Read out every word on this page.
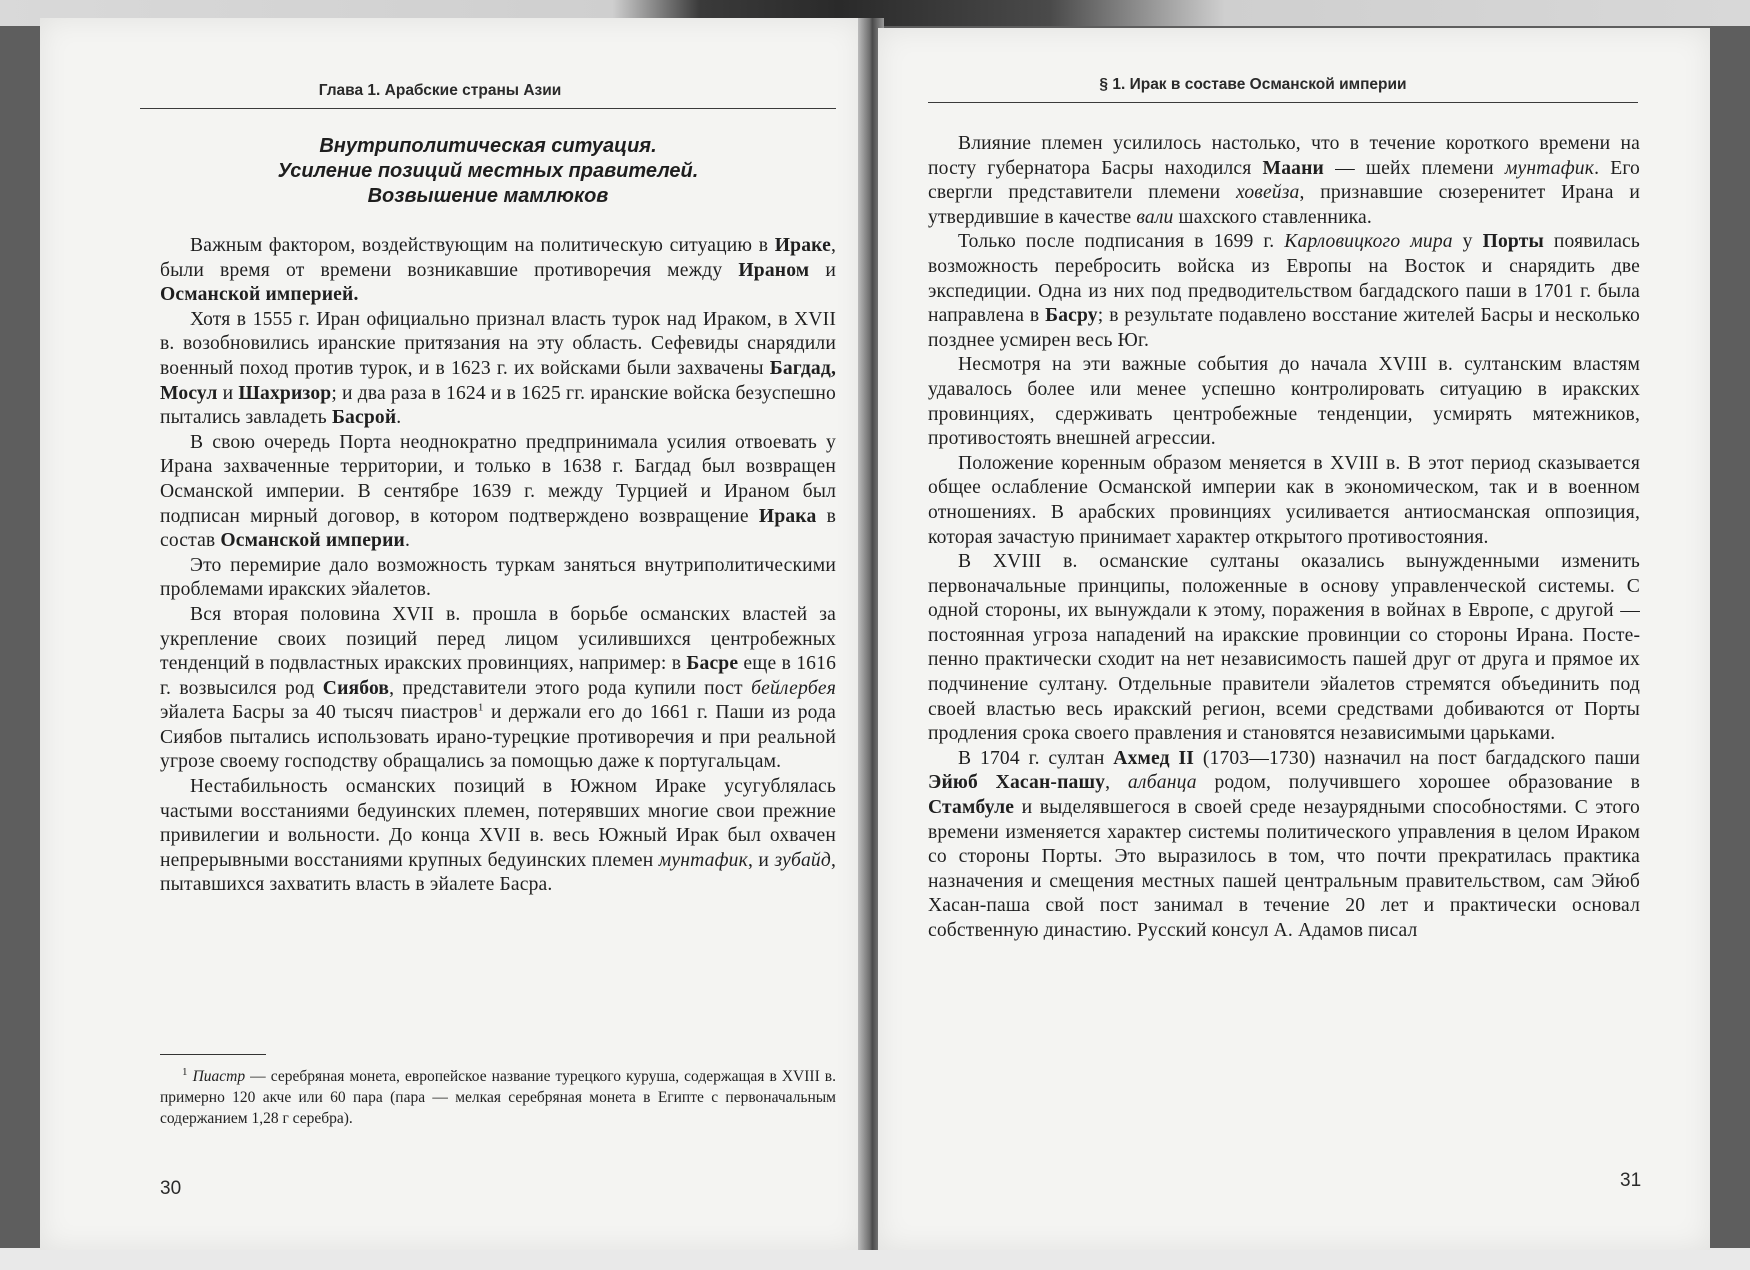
Глава 1. Арабские страны Азии
Внутриполитическая ситуация.
Усиление позиций местных правителей.
Возвышение мамлюков

Важным фактором, воздействующим на политическую ситуацию в Ираке, были время от времени возникавшие противоречия между Ираном и Османской империей.

Хотя в 1555 г. Иран официально признал власть турок над Ираком, в XVII в. возобновились иранские притязания на эту область. Сефевиды снарядили военный поход против турок, и в 1623 г. их войсками были захвачены Багдад, Мосул и Шахризор; и два раза в 1624 и в 1625 гг. иранские войска безуспешно пытались завладеть Басрой.

В свою очередь Порта неоднократно предпринимала усилия отвоевать у Ирана захваченные территории, и только в 1638 г. Багдад был возвращен Османской империи. В сентябре 1639 г. между Турцией и Ираном был подписан мирный договор, в котором подтверждено возвращение Ирака в состав Османской империи.

Это перемирие дало возможность туркам заняться внутриполитическими проблемами иракских эйалетов.

Вся вторая половина XVII в. прошла в борьбе османских властей за укрепление своих позиций перед лицом усилившихся центробежных тенденций в подвластных иракских провинциях, например: в Басре еще в 1616 г. возвысился род Сиябов, представители этого рода купили пост бейлербея эйалета Басры за 40 тысяч пиастров$^1$ и держали его до 1661 г. Паши из рода Сиябов пытались использовать ирано-турецкие противоречия и при реальной угрозе своему господству обращались за помощью даже к португальцам.

Нестабильность османских позиций в Южном Ираке усугублялась частыми восстаниями бедуинских племен, потерявших многие свои прежние привилегии и вольности. До конца XVII в. весь Южный Ирак был охвачен непрерывными восстаниями крупных бедуинских племен мунтафик, и зубайд, пытавшихся захватить власть в эйалете Басра.

$^1$ Пиастр — серебряная монета, европейское название турецкого куруша, содержащая в XVIII в. примерно 120 акче или 60 пара (пара — мелкая серебряная монета в Египте с первоначальным содержанием 1,28 г серебра).

30
§ 1. Ирак в составе Османской империи

Влияние племен усилилось настолько, что в течение короткого времени на посту губернатора Басры находился Маани — шейх племени мунтафик. Его свергли представители племени ховейза, признавшие сюзеренитет Ирана и утвердившие в качестве вали шахского ставленника.

Только после подписания в 1699 г. Карловицкого мира у Порты появилась возможность перебросить войска из Европы на Восток и снарядить две экспедиции. Одна из них под предводительством багдадского паши в 1701 г. была направлена в Басру; в результате подавлено восстание жителей Басры и несколько позднее усмирен весь Юг.

Несмотря на эти важные события до начала XVIII в. султанским властям удавалось более или менее успешно контролировать ситуацию в иракских провинциях, сдерживать центробежные тенденции, усмирять мятежников, противостоять внешней агрессии.

Положение коренным образом меняется в XVIII в. В этот период сказывается общее ослабление Османской империи как в экономическом, так и в военном отношениях. В арабских провинциях усиливается антиосманская оппозиция, которая зачастую принимает характер открытого противостояния.

В XVIII в. османские султаны оказались вынужденными изменить первоначальные принципы, положенные в основу управленческой системы. С одной стороны, их вынуждали к этому, поражения в войнах в Европе, с другой — постоянная угроза нападений на иракские провинции со стороны Ирана. Постепенно практически сходит на нет независимость пашей друг от друга и прямое их подчинение султану. Отдельные правители эйалетов стремятся объединить под своей властью весь иракский регион, всеми средствами добиваются от Порты продления срока своего правления и становятся независимыми царьками.

В 1704 г. султан Ахмед II (1703—1730) назначил на пост багдадского паши Эйюб Хасан-пашу, албанца родом, получившего хорошее образование в Стамбуле и выделявшегося в своей среде незаурядными способностями. С этого времени изменяется характер системы политического управления в целом Ираком со стороны Порты. Это выразилось в том, что почти прекратилась практика назначения и смещения местных пашей центральным правительством, сам Эйюб Хасан-паша свой пост занимал в течение 20 лет и практически основал собственную династию. Русский консул А. Адамов писал

31
